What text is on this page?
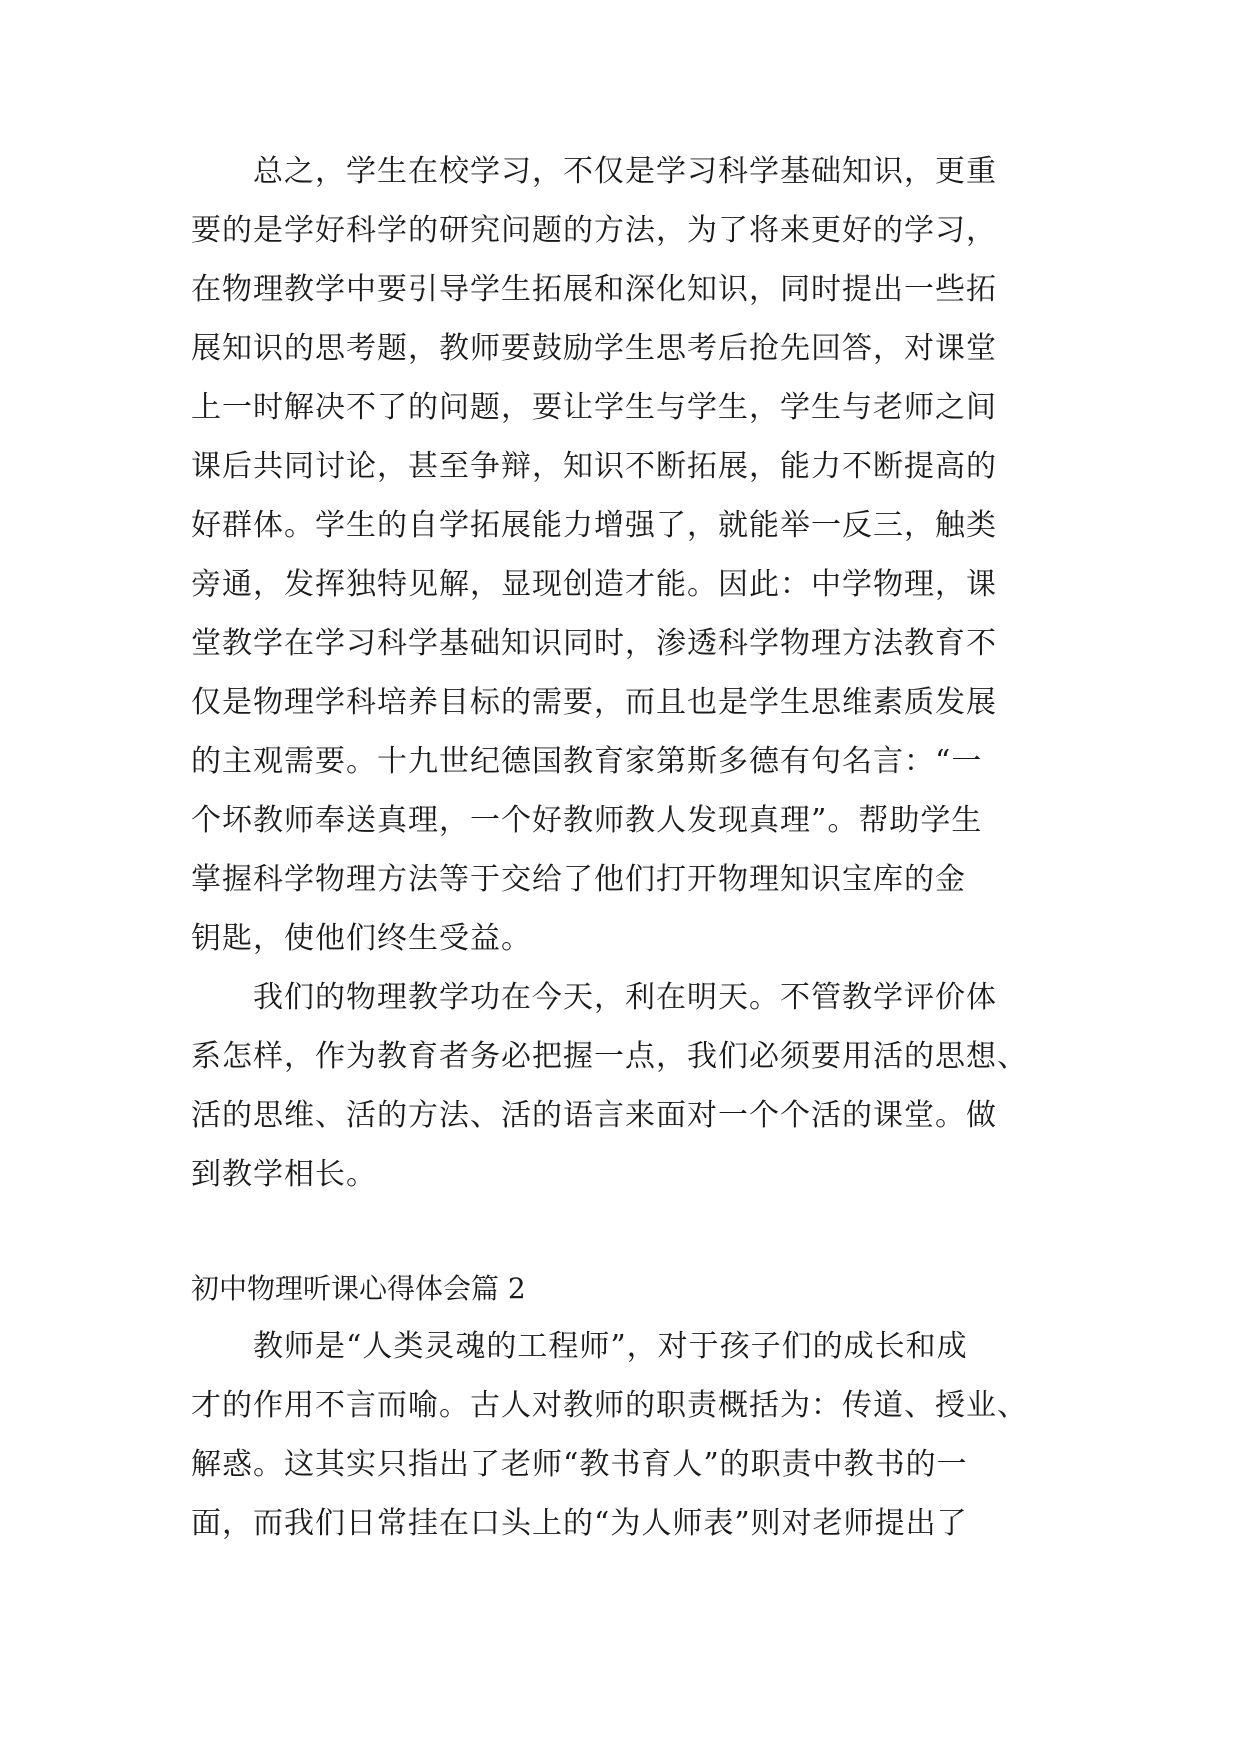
总之，学生在校学习，不仅是学习科学基础知识，更重
要的是学好科学的研究问题的方法，为了将来更好的学习，
在物理教学中要引导学生拓展和深化知识，同时提出一些拓
展知识的思考题，教师要鼓励学生思考后抢先回答，对课堂
上一时解决不了的问题，要让学生与学生，学生与老师之间
课后共同讨论，甚至争辩，知识不断拓展，能力不断提高的
好群体。学生的自学拓展能力增强了，就能举一反三，触类
旁通，发挥独特见解，显现创造才能。因此：中学物理，课
堂教学在学习科学基础知识同时，渗透科学物理方法教育不
仅是物理学科培养目标的需要，而且也是学生思维素质发展
的主观需要。十九世纪德国教育家第斯多德有句名言：“一
个坏教师奉送真理，一个好教师教人发现真理”。帮助学生
掌握科学物理方法等于交给了他们打开物理知识宝库的金
钥匙，使他们终生受益。
我们的物理教学功在今天，利在明天。不管教学评价体
系怎样，作为教育者务必把握一点，我们必须要用活的思想、
活的思维、活的方法、活的语言来面对一个个活的课堂。做
到教学相长。
初中物理听课心得体会篇 2
教师是“人类灵魂的工程师”，对于孩子们的成长和成
才的作用不言而喻。古人对教师的职责概括为：传道、授业、
解惑。这其实只指出了老师“教书育人”的职责中教书的一
面，而我们日常挂在口头上的“为人师表”则对老师提出了
